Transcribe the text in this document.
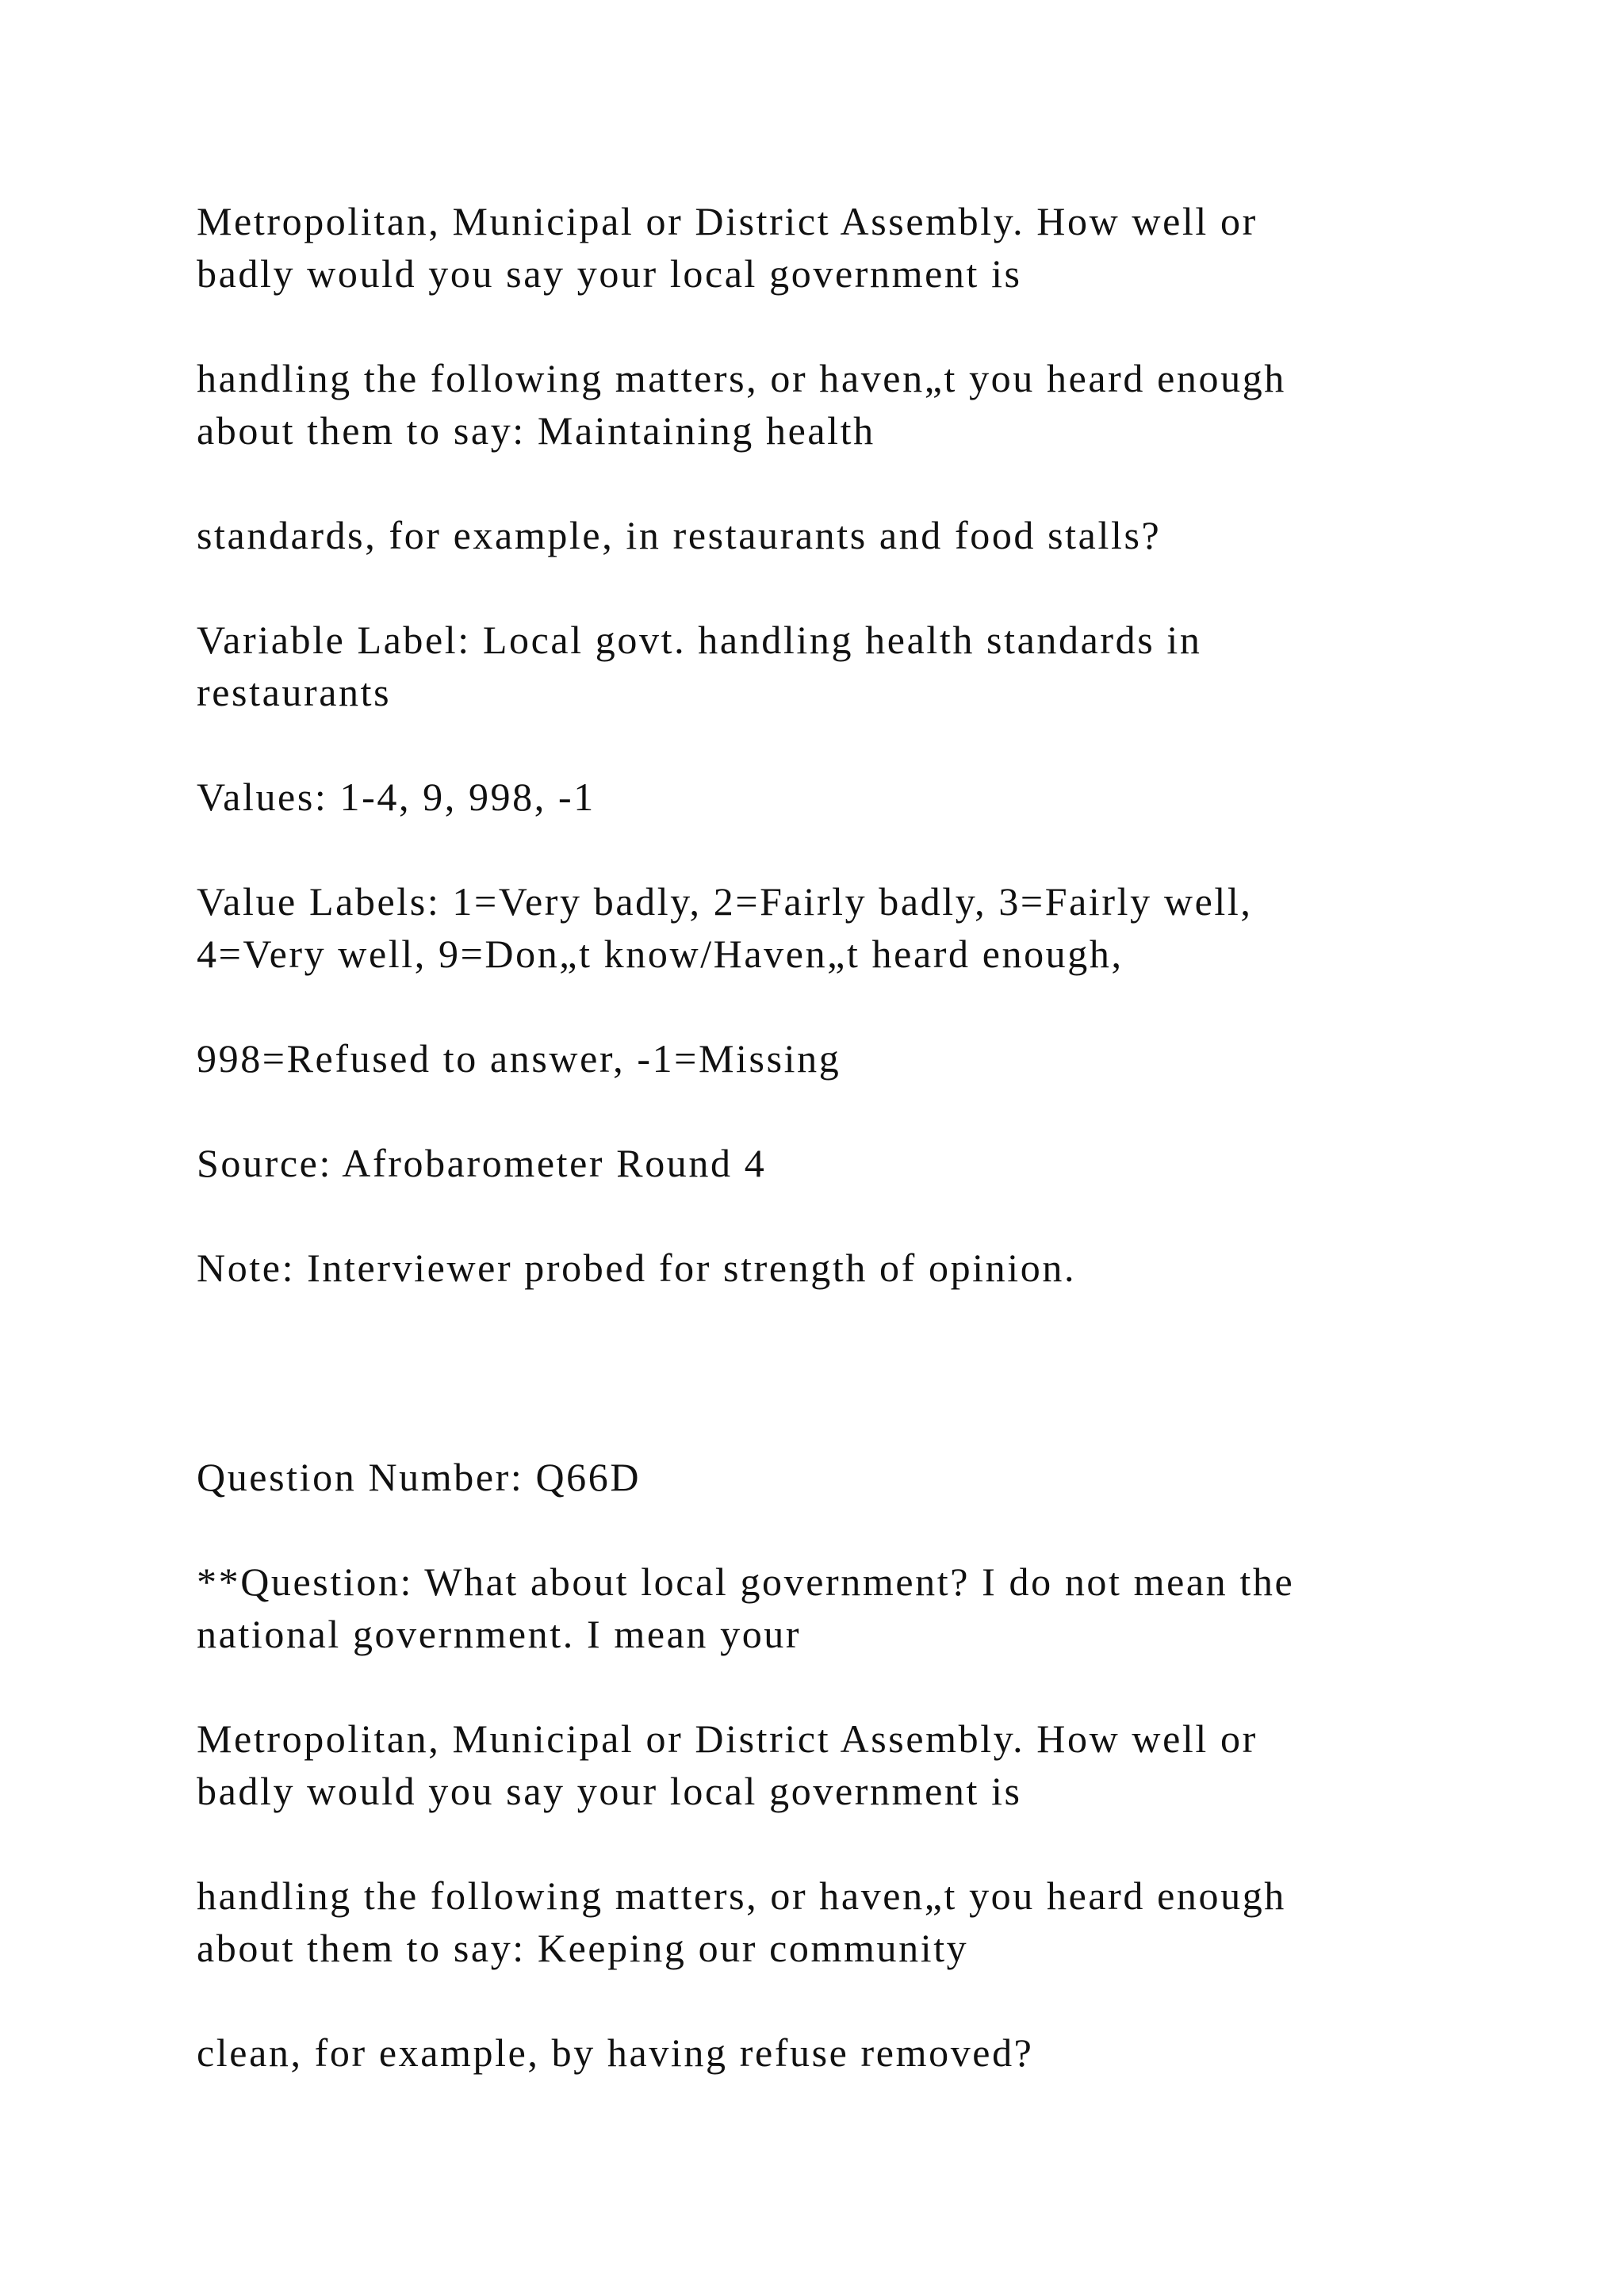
Metropolitan, Municipal or District Assembly. How well or
badly would you say your local government is
handling the following matters, or haven„t you heard enough
about them to say: Maintaining health
standards, for example, in restaurants and food stalls?
Variable Label: Local govt. handling health standards in
restaurants
Values: 1-4, 9, 998, -1
Value Labels: 1=Very badly, 2=Fairly badly, 3=Fairly well,
4=Very well, 9=Don„t know/Haven„t heard enough,
998=Refused to answer, -1=Missing
Source: Afrobarometer Round 4
Note: Interviewer probed for strength of opinion.
Question Number: Q66D
**Question: What about local government? I do not mean the
national government. I mean your
Metropolitan, Municipal or District Assembly. How well or
badly would you say your local government is
handling the following matters, or haven„t you heard enough
about them to say: Keeping our community
clean, for example, by having refuse removed?
